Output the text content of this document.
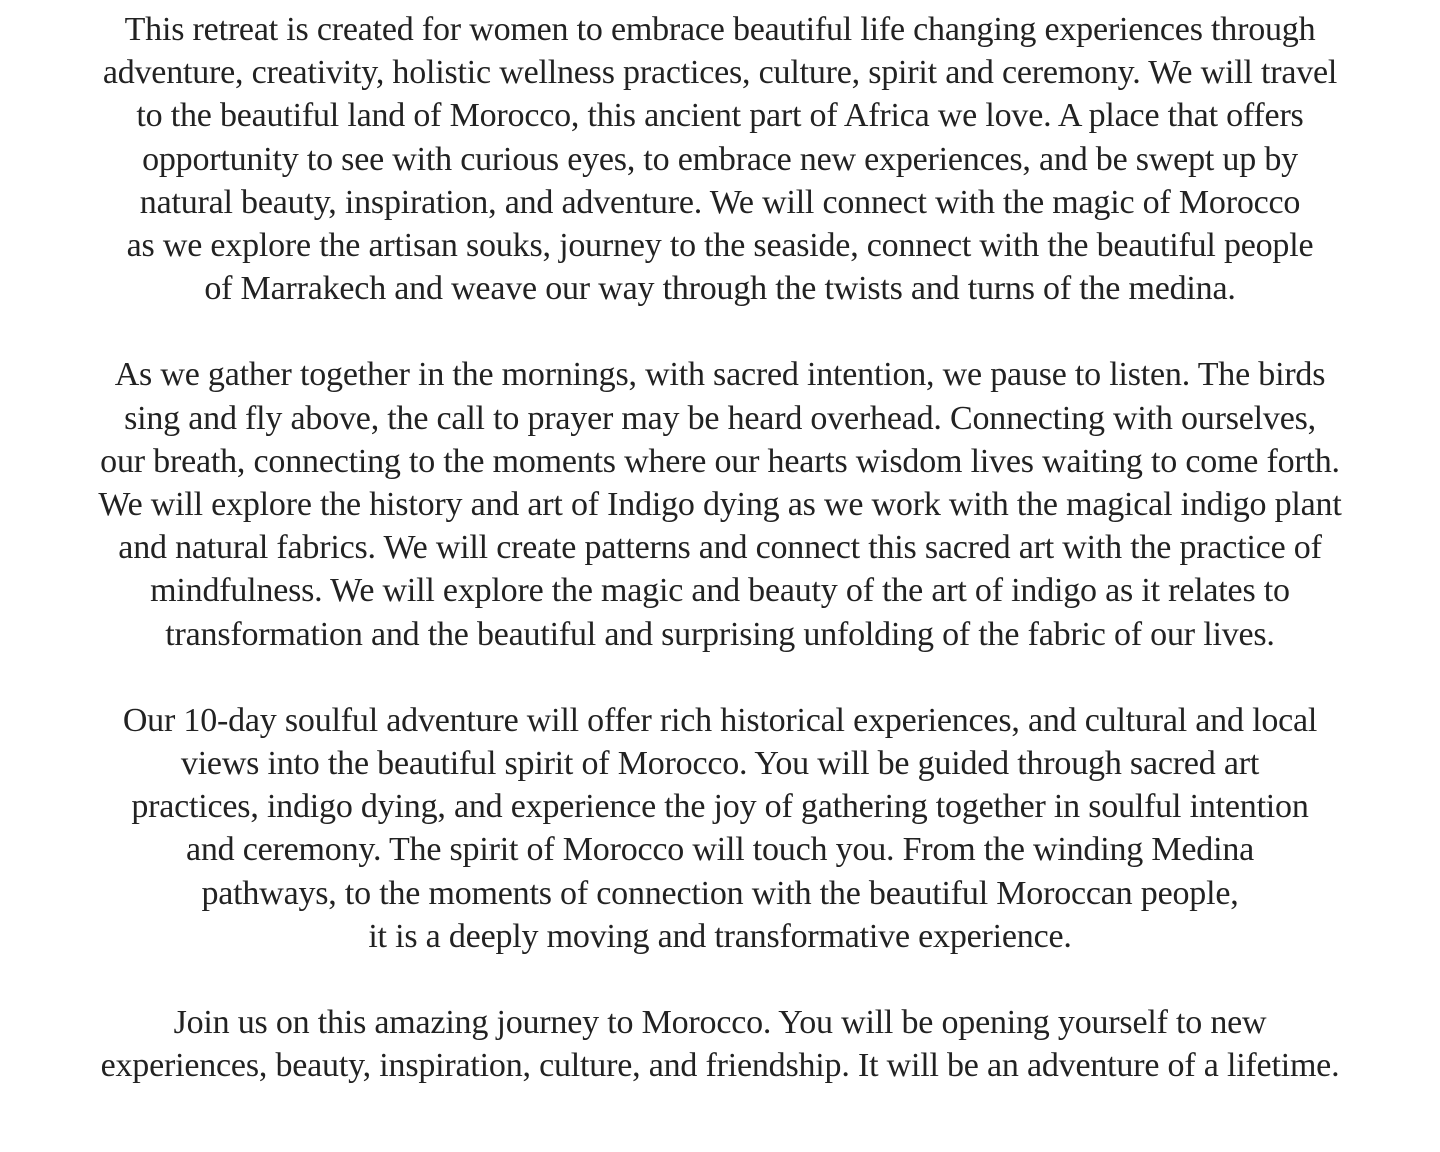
This retreat is created for women to embrace beautiful life changing experiences through
adventure, creativity, holistic wellness practices, culture, spirit and ceremony. We will travel
to the beautiful land of Morocco, this ancient part of Africa we love. A place that offers
opportunity to see with curious eyes, to embrace new experiences, and be swept up by
natural beauty, inspiration, and adventure. We will connect with the magic of Morocco
as we explore the artisan souks, journey to the seaside, connect with the beautiful people
of Marrakech and weave our way through the twists and turns of the medina.

As we gather together in the mornings, with sacred intention, we pause to listen. The birds
sing and fly above, the call to prayer may be heard overhead. Connecting with ourselves,
our breath, connecting to the moments where our hearts wisdom lives waiting to come forth.
We will explore the history and art of Indigo dying as we work with the magical indigo plant
and natural fabrics. We will create patterns and connect this sacred art with the practice of
mindfulness. We will explore the magic and beauty of the art of indigo as it relates to
transformation and the beautiful and surprising unfolding of the fabric of our lives.

Our 10-day soulful adventure will offer rich historical experiences, and cultural and local
views into the beautiful spirit of Morocco. You will be guided through sacred art
practices, indigo dying, and experience the joy of gathering together in soulful intention
and ceremony. The spirit of Morocco will touch you. From the winding Medina
pathways, to the moments of connection with the beautiful Moroccan people,
it is a deeply moving and transformative experience.

Join us on this amazing journey to Morocco. You will be opening yourself to new
experiences, beauty, inspiration, culture, and friendship. It will be an adventure of a lifetime.
